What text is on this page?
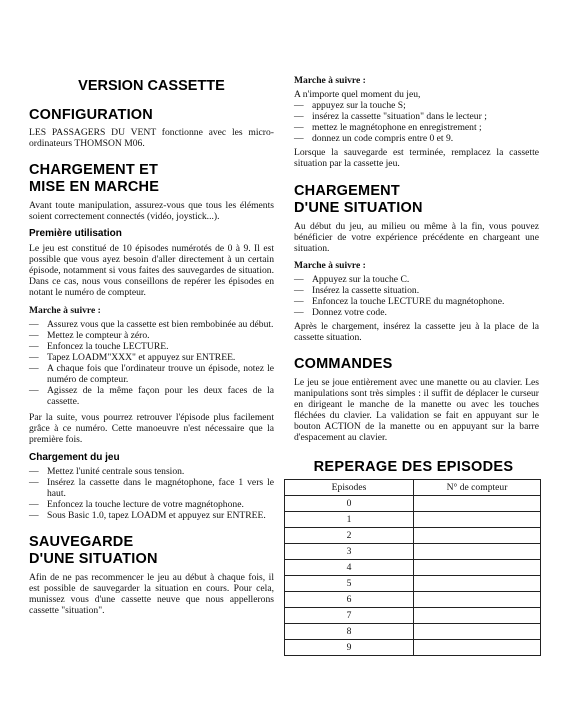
VERSION CASSETTE
CONFIGURATION

LES PASSAGERS DU VENT fonctionne avec les micro-ordinateurs THOMSON M06.

CHARGEMENT ET
MISE EN MARCHE

Avant toute manipulation, assurez-vous que tous les éléments soient correctement connectés (vidéo, joystick...).

Première utilisation

Le jeu est constitué de 10 épisodes numérotés de 0 à 9. Il est possible que vous ayez besoin d'aller directement à un certain épisode, notamment si vous faites des sauvegardes de situation. Dans ce cas, nous vous conseillons de repérer les épisodes en notant le numéro de compteur.

Marche à suivre :
— Assurez vous que la cassette est bien rembobinée au début.
— Mettez le compteur à zéro.
— Enfoncez la touche LECTURE.
— Tapez LOADM"XXX" et appuyez sur ENTREE.
— A chaque fois que l'ordinateur trouve un épisode, notez le numéro de compteur.
— Agissez de la même façon pour les deux faces de la cassette.

Par la suite, vous pourrez retrouver l'épisode plus facilement grâce à ce numéro. Cette manoeuvre n'est nécessaire que la première fois.

Chargement du jeu
— Mettez l'unité centrale sous tension.
— Insérez la cassette dans le magnétophone, face 1 vers le haut.
— Enfoncez la touche lecture de votre magnétophone.
— Sous Basic 1.0, tapez LOADM et appuyez sur ENTREE.
SAUVEGARDE
D'UNE SITUATION

Afin de ne pas recommencer le jeu au début à chaque fois, il est possible de sauvegarder la situation en cours. Pour cela, munissez vous d'une cassette neuve que nous appellerons cassette "situation".

Marche à suivre :

A n'importe quel moment du jeu,

— appuyez sur la touche S;
— insérez la cassette "situation" dans le lecteur ;
— mettez le magnétophone en enregistrement ;
— donnez un code compris entre 0 et 9.

Lorsque la sauvegarde est terminée, remplacez la cassette situation par la cassette jeu.

CHARGEMENT
D'UNE SITUATION

Au début du jeu, au milieu ou même à la fin, vous pouvez bénéficier de votre expérience précédente en chargeant une situation.

Marche à suivre :
— Appuyez sur la touche C.
— Insérez la cassette situation.
— Enfoncez la touche LECTURE du magnétophone.
— Donnez votre code.

Après le chargement, insérez la cassette jeu à la place de la cassette situation.

COMMANDES

Le jeu se joue entièrement avec une manette ou au clavier. Les manipulations sont très simples : il suffit de déplacer le curseur en dirigeant le manche de la manette ou avec les touches fléchées du clavier. La validation se fait en appuyant sur le bouton ACTION de la manette ou en appuyant sur la barre d'espacement au clavier.

REPERAGE DES EPISODES
Episodes	N° de compteur
0	
1	
2	
3	
4	
5	
6	
7	
8	
9	
